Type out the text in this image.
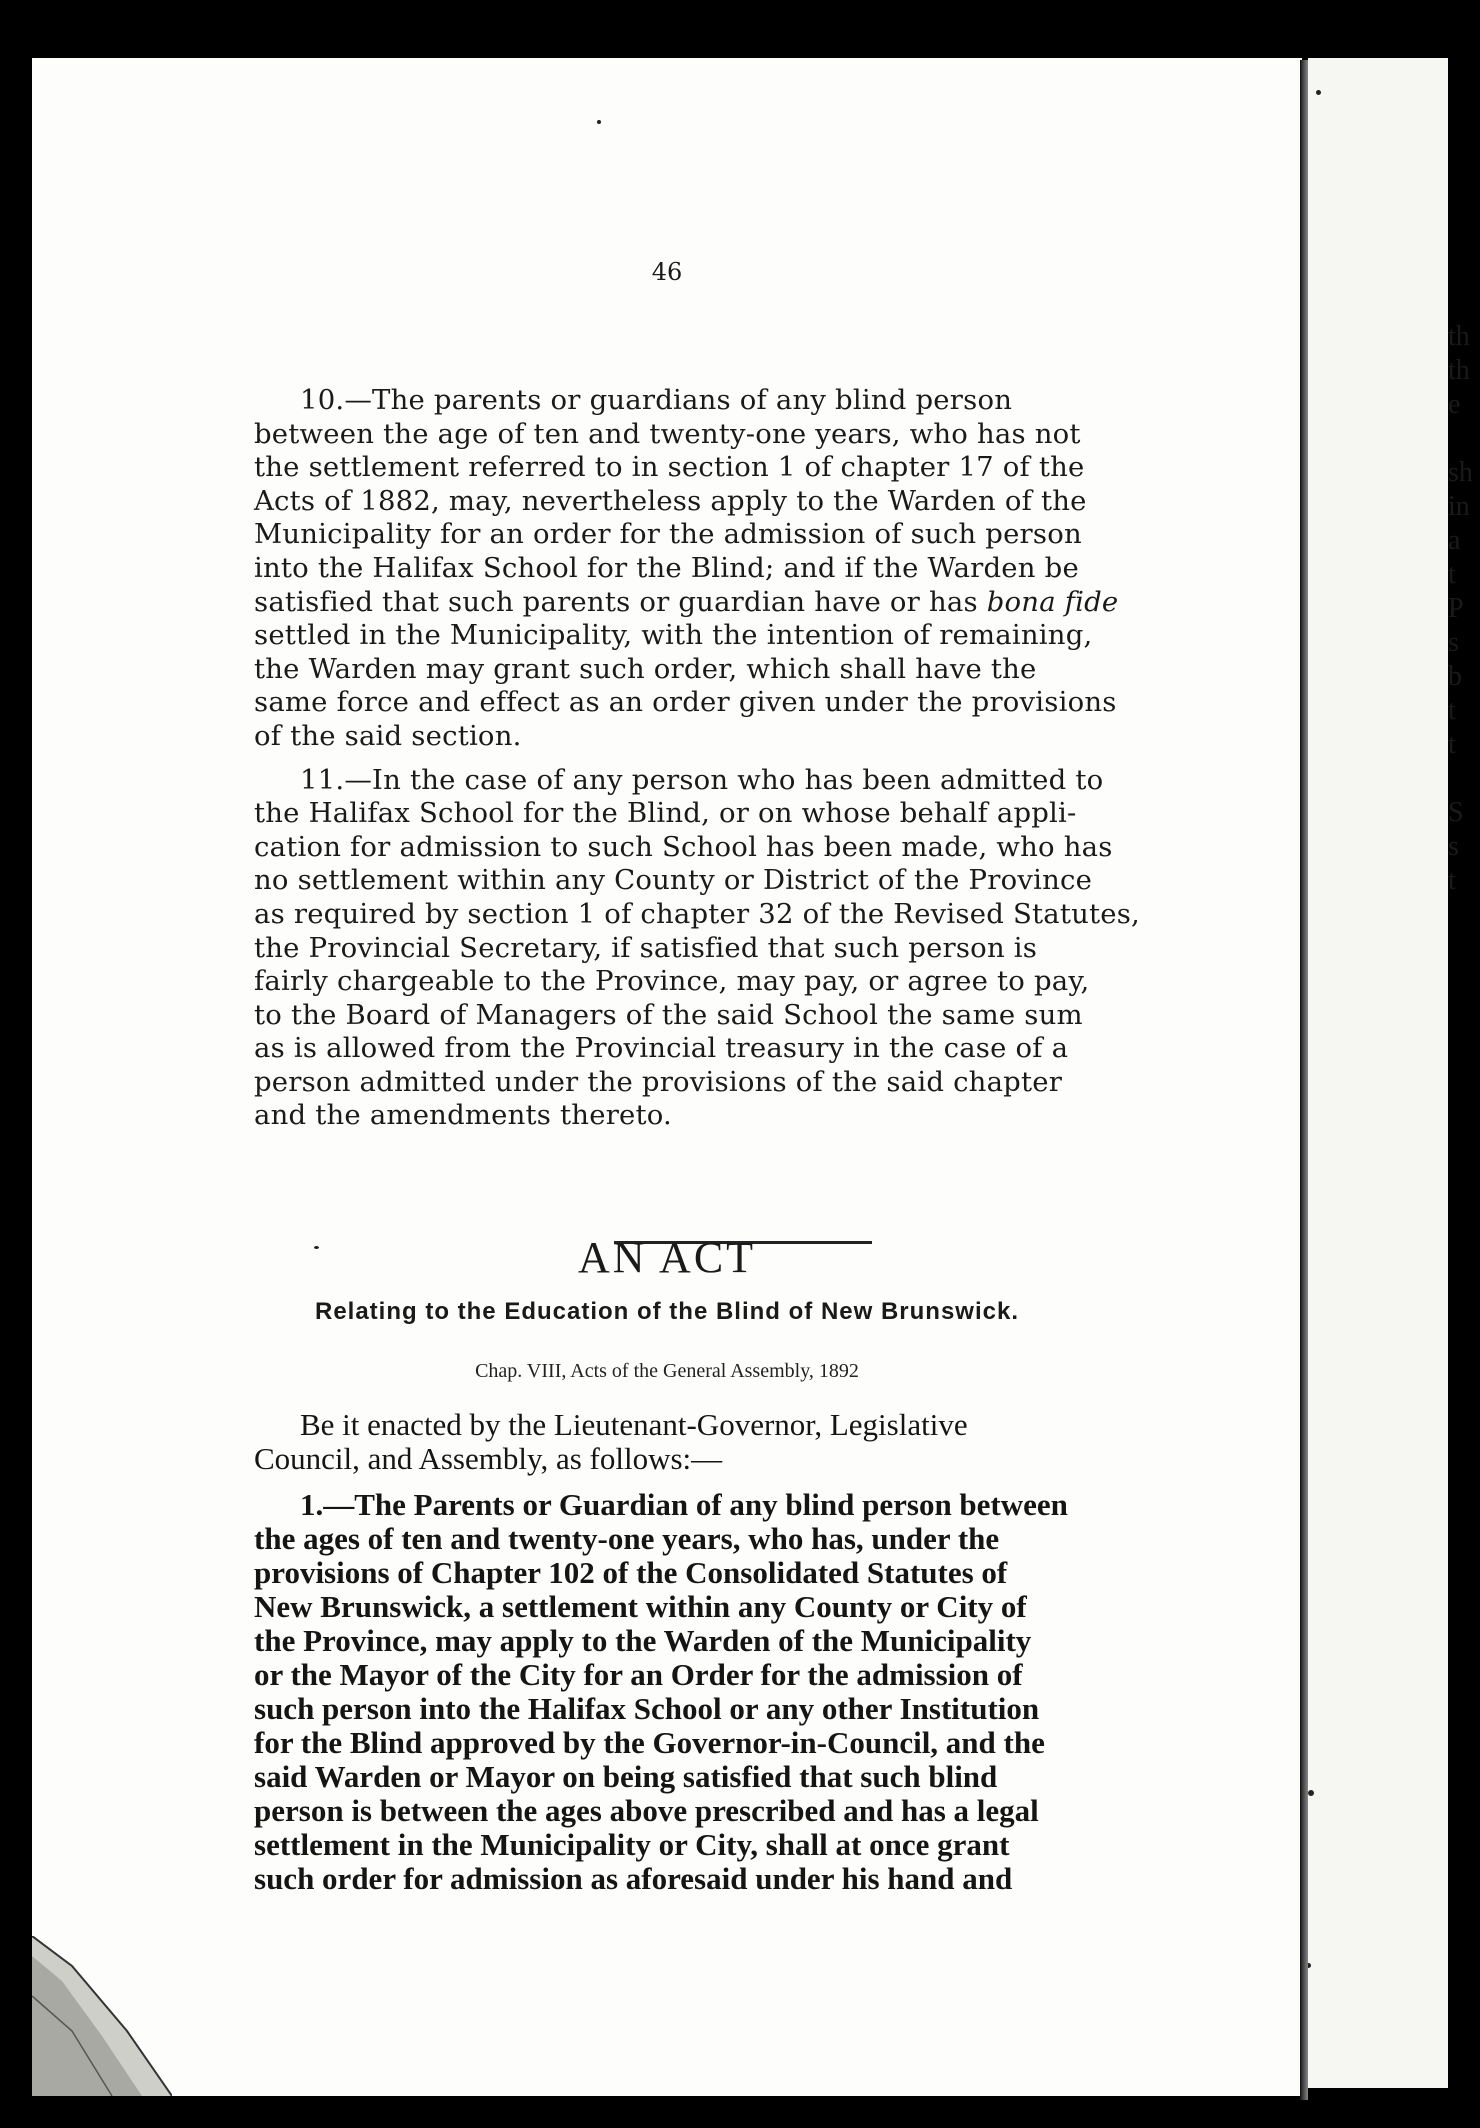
46

10.—The parents or guardians of any blind person
between the age of ten and twenty-one years, who has not
the settlement referred to in section 1 of chapter 17 of the
Acts of 1882, may, nevertheless apply to the Warden of the
Municipality for an order for the admission of such person
into the Halifax School for the Blind; and if the Warden be
satisfied that such parents or guardian have or has bona fide
settled in the Municipality, with the intention of remaining,
the Warden may grant such order, which shall have the
same force and effect as an order given under the provisions
of the said section.

11.—In the case of any person who has been admitted to
the Halifax School for the Blind, or on whose behalf appli-
cation for admission to such School has been made, who has
no settlement within any County or District of the Province
as required by section 1 of chapter 32 of the Revised Statutes,
the Provincial Secretary, if satisfied that such person is
fairly chargeable to the Province, may pay, or agree to pay,
to the Board of Managers of the said School the same sum
as is allowed from the Provincial treasury in the case of a
person admitted under the provisions of the said chapter
and the amendments thereto.

AN ACT
Relating to the Education of the Blind of New Brunswick.
Chap. VIII, Acts of the General Assembly, 1892

Be it enacted by the Lieutenant-Governor, Legislative
Council, and Assembly, as follows:—

1.—The Parents or Guardian of any blind person between
the ages of ten and twenty-one years, who has, under the
provisions of Chapter 102 of the Consolidated Statutes of
New Brunswick, a settlement within any County or City of
the Province, may apply to the Warden of the Municipality
or the Mayor of the City for an Order for the admission of
such person into the Halifax School or any other Institution
for the Blind approved by the Governor-in-Council, and the
said Warden or Mayor on being satisfied that such blind
person is between the ages above prescribed and has a legal
settlement in the Municipality or City, shall at once grant
such order for admission as aforesaid under his hand and

th
th
e
sh
in
a
t
P
s
b
t
t
S
s
t
